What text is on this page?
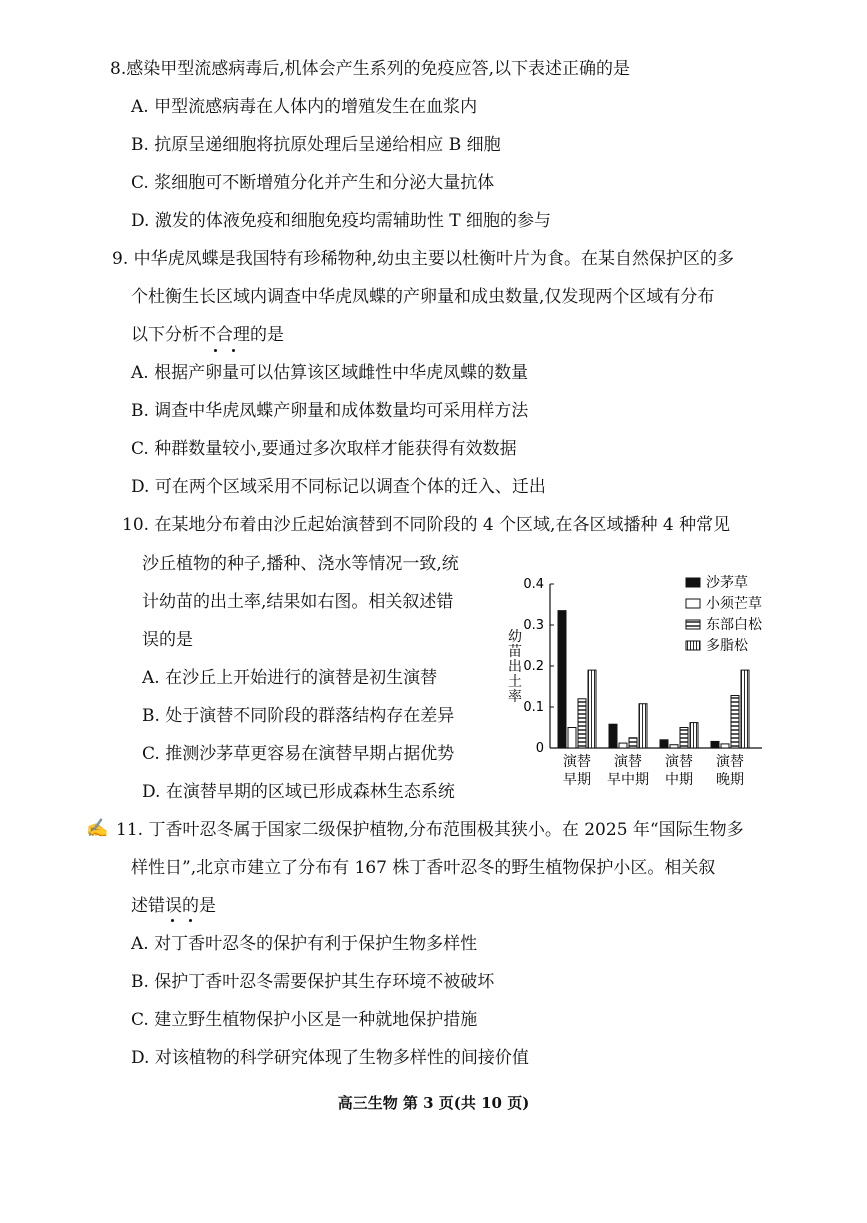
8.感染甲型流感病毒后,机体会产生系列的免疫应答,以下表述正确的是
A. 甲型流感病毒在人体内的增殖发生在血浆内
B. 抗原呈递细胞将抗原处理后呈递给相应 B 细胞
C. 浆细胞可不断增殖分化并产生和分泌大量抗体
D. 激发的体液免疫和细胞免疫均需辅助性 T 细胞的参与
9. 中华虎凤蝶是我国特有珍稀物种,幼虫主要以杜衡叶片为食。在某自然保护区的多
个杜衡生长区域内调查中华虎凤蝶的产卵量和成虫数量,仅发现两个区域有分布
以下分析不合理的是
A. 根据产卵量可以估算该区域雌性中华虎凤蝶的数量
B. 调查中华虎凤蝶产卵量和成体数量均可采用样方法
C. 种群数量较小,要通过多次取样才能获得有效数据
D. 可在两个区域采用不同标记以调查个体的迁入、迁出
10. 在某地分布着由沙丘起始演替到不同阶段的 4 个区域,在各区域播种 4 种常见
沙丘植物的种子,播种、浇水等情况一致,统
计幼苗的出土率,结果如右图。相关叙述错
误的是
A. 在沙丘上开始进行的演替是初生演替
B. 处于演替不同阶段的群落结构存在差异
C. 推测沙茅草更容易在演替早期占据优势
D. 在演替早期的区域已形成森林生态系统
0
0.1
0.2
0.3
0.4
幼苗出土率
演替
早期
演替
早中期
演替
中期
演替
晚期
沙茅草
小须芒草
东部白松
多脂松
✍ 11. 丁香叶忍冬属于国家二级保护植物,分布范围极其狭小。在 2025 年“国际生物多
样性日”,北京市建立了分布有 167 株丁香叶忍冬的野生植物保护小区。相关叙
述错误的是
A. 对丁香叶忍冬的保护有利于保护生物多样性
B. 保护丁香叶忍冬需要保护其生存环境不被破坏
C. 建立野生植物保护小区是一种就地保护措施
D. 对该植物的科学研究体现了生物多样性的间接价值
高三生物 第 3 页(共 10 页)
